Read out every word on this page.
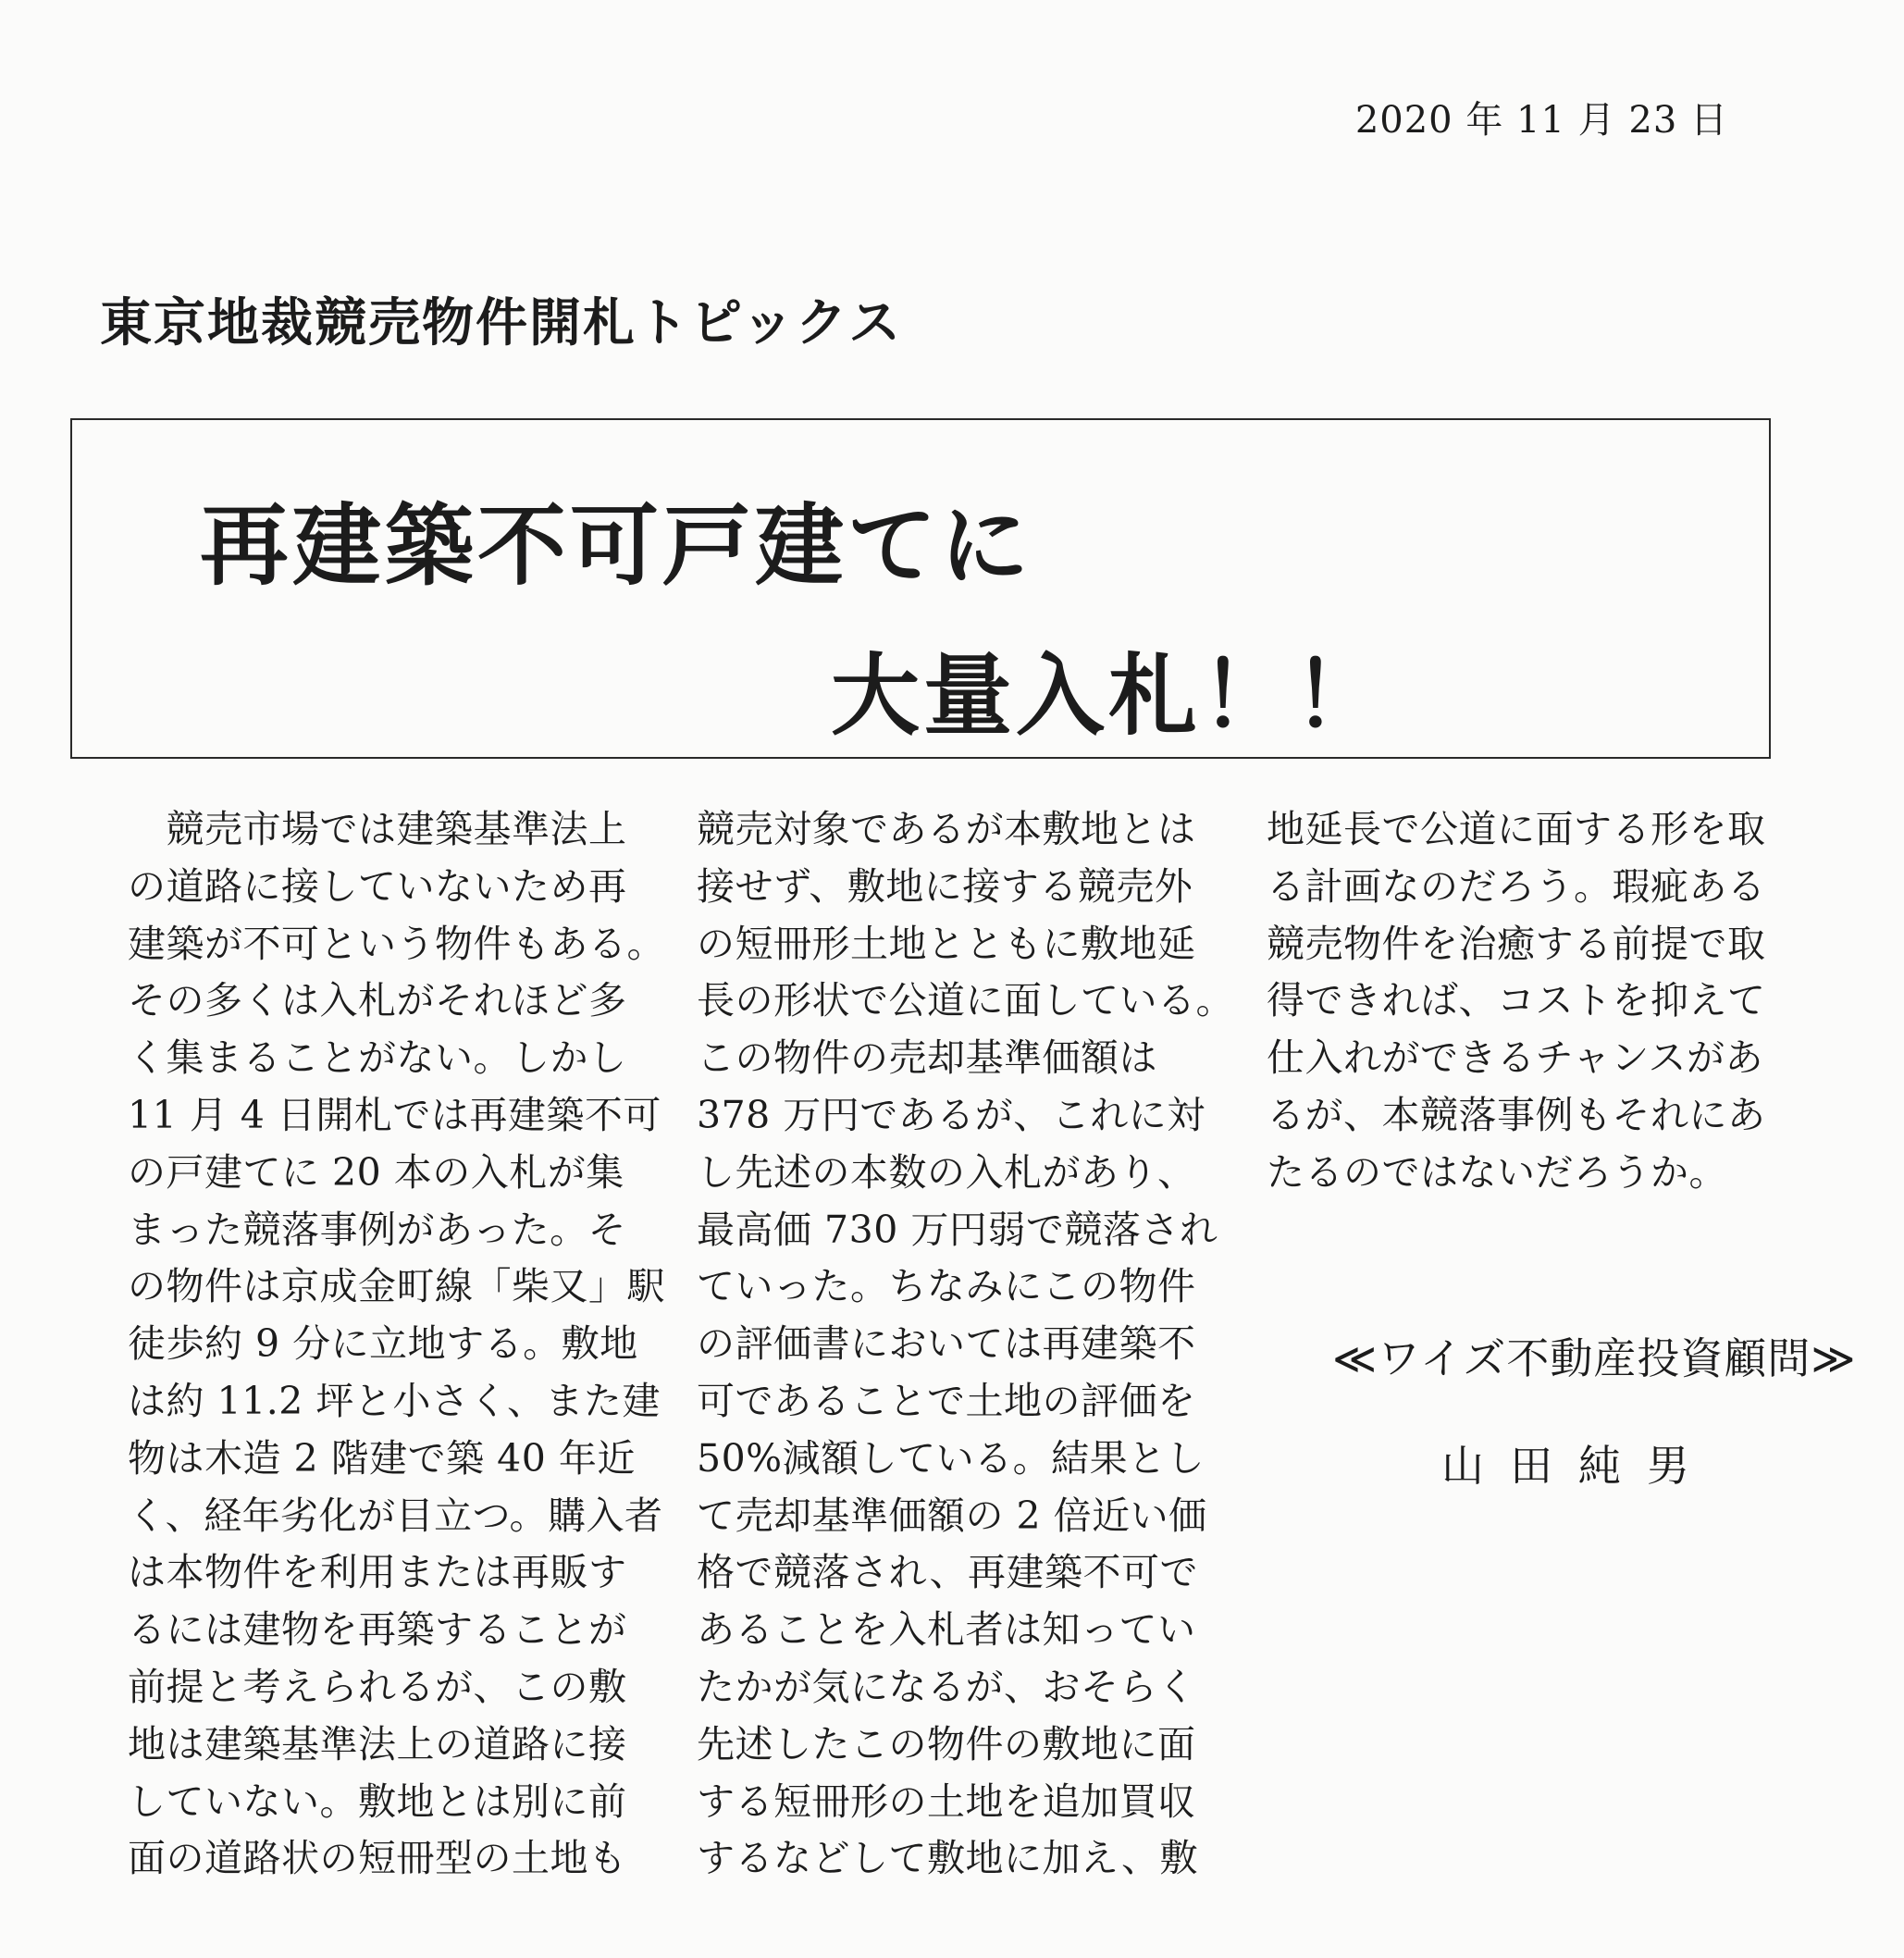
2020 年 11 月 23 日
東京地裁競売物件開札トピックス
再建築不可戸建てに
大量入札！！
　競売市場では建築基準法上
の道路に接していないため再
建築が不可という物件もある。
その多くは入札がそれほど多
く集まることがない。しかし
11 月 4 日開札では再建築不可
の戸建てに 20 本の入札が集
まった競落事例があった。そ
の物件は京成金町線「柴又」駅
徒歩約 9 分に立地する。敷地
は約 11.2 坪と小さく、また建
物は木造 2 階建で築 40 年近
く、経年劣化が目立つ。購入者
は本物件を利用または再販す
るには建物を再築することが
前提と考えられるが、この敷
地は建築基準法上の道路に接
していない。敷地とは別に前
面の道路状の短冊型の土地も
競売対象であるが本敷地とは
接せず、敷地に接する競売外
の短冊形土地とともに敷地延
長の形状で公道に面している。
この物件の売却基準価額は
378 万円であるが、これに対
し先述の本数の入札があり、
最高価 730 万円弱で競落され
ていった。ちなみにこの物件
の評価書においては再建築不
可であることで土地の評価を
50%減額している。結果とし
て売却基準価額の 2 倍近い価
格で競落され、再建築不可で
あることを入札者は知ってい
たかが気になるが、おそらく
先述したこの物件の敷地に面
する短冊形の土地を追加買収
するなどして敷地に加え、敷
地延長で公道に面する形を取
る計画なのだろう。瑕疵ある
競売物件を治癒する前提で取
得できれば、コストを抑えて
仕入れができるチャンスがあ
るが、本競落事例もそれにあ
たるのではないだろうか。
≪ワイズ不動産投資顧問≫
山田純男
